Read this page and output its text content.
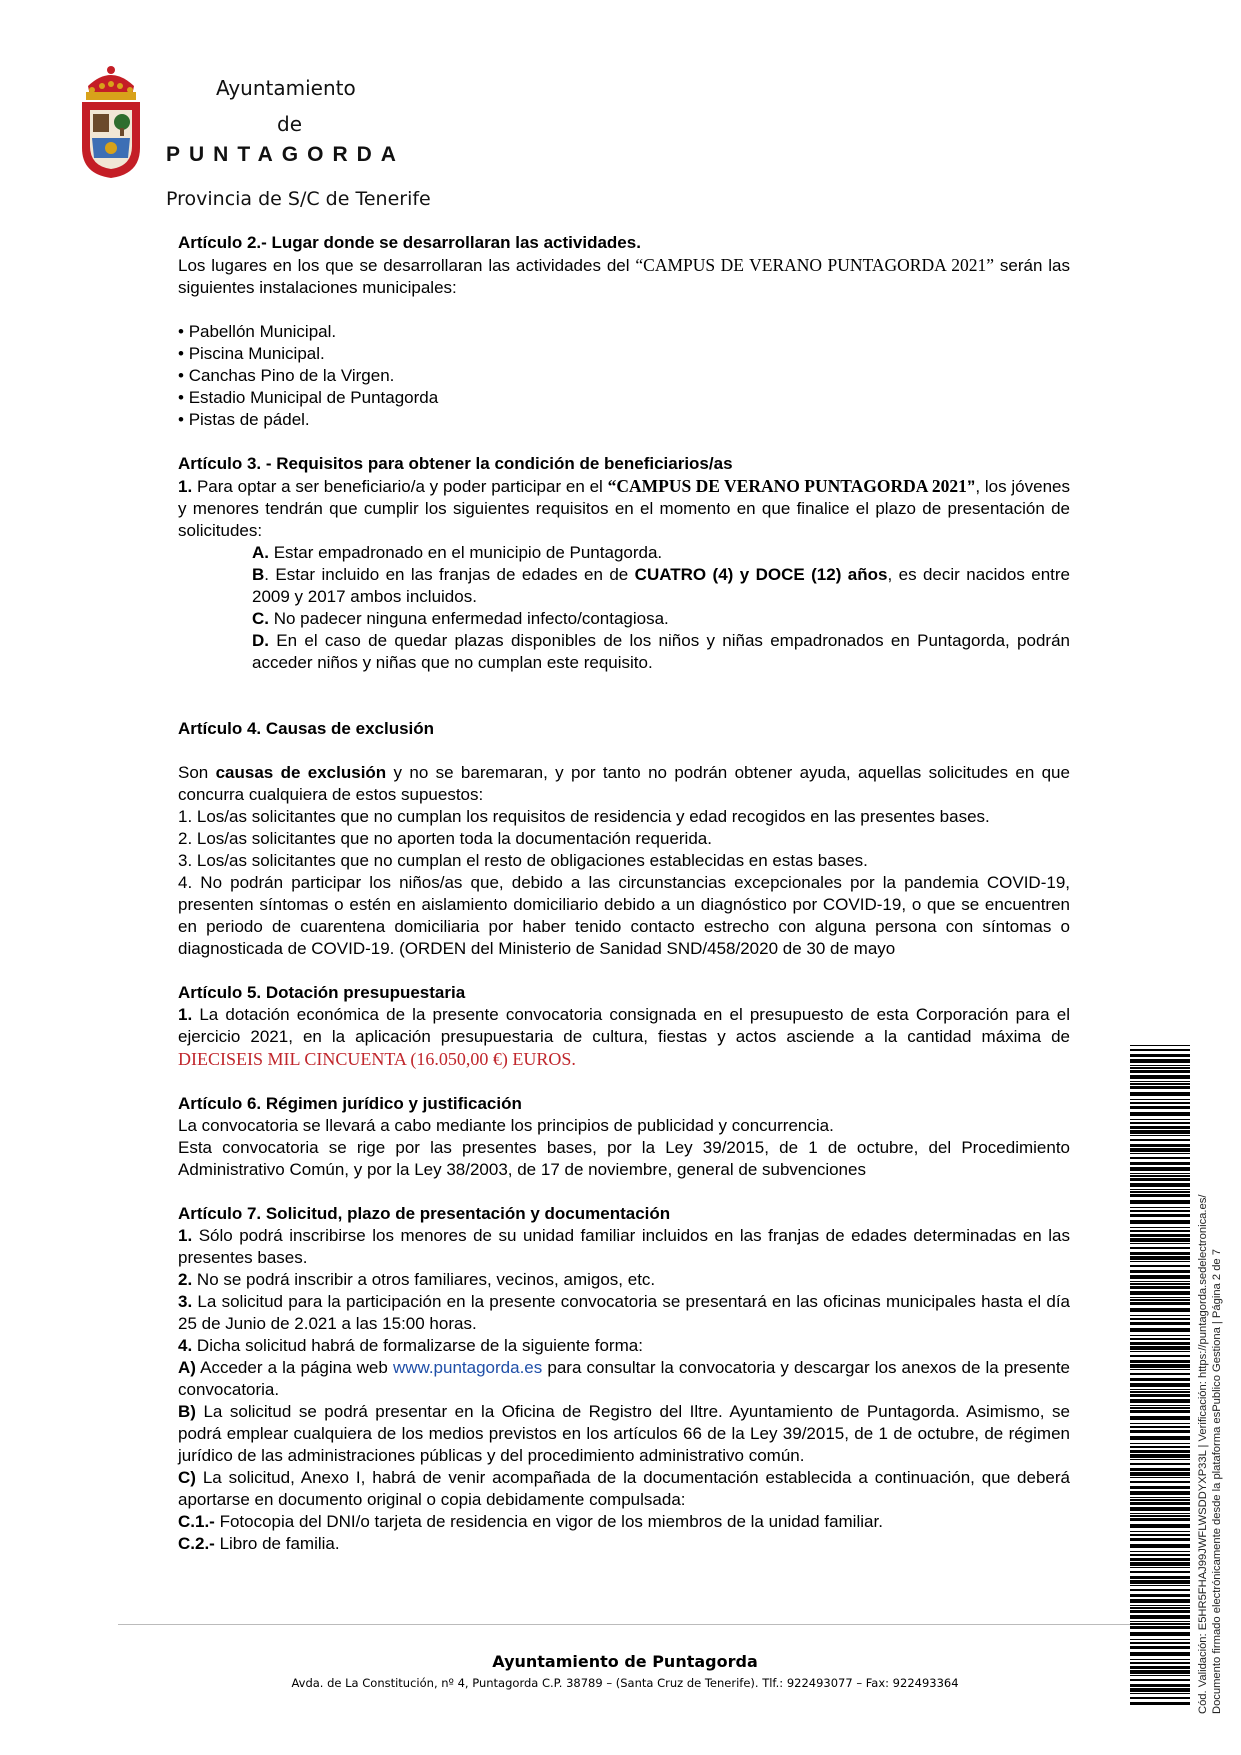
Ayuntamiento
de
PUNTAGORDA
Provincia de S/C de Tenerife

Artículo 2.- Lugar donde se desarrollaran las actividades.

Los lugares en los que se desarrollaran las actividades del “CAMPUS DE VERANO PUNTAGORDA 2021” serán las siguientes instalaciones municipales:

• Pabellón Municipal.
• Piscina Municipal.
• Canchas Pino de la Virgen.
• Estadio Municipal de Puntagorda
• Pistas de pádel.

Artículo 3. - Requisitos para obtener la condición de beneficiarios/as

1. Para optar a ser beneficiario/a y poder participar en el “CAMPUS DE VERANO PUNTAGORDA 2021”, los jóvenes y menores tendrán que cumplir los siguientes requisitos en el momento en que finalice el plazo de presentación de solicitudes:

A. Estar empadronado en el municipio de Puntagorda.

B. Estar incluido en las franjas de edades en de CUATRO (4) y DOCE (12) años, es decir nacidos entre 2009 y 2017 ambos incluidos.

C. No padecer ninguna enfermedad infecto/contagiosa.

D. En el caso de quedar plazas disponibles de los niños y niñas empadronados en Puntagorda, podrán acceder niños y niñas que no cumplan este requisito.

Artículo 4. Causas de exclusión

Son causas de exclusión y no se baremaran, y por tanto no podrán obtener ayuda, aquellas solicitudes en que concurra cualquiera de estos supuestos:

1. Los/as solicitantes que no cumplan los requisitos de residencia y edad recogidos en las presentes bases.

2. Los/as solicitantes que no aporten toda la documentación requerida.

3. Los/as solicitantes que no cumplan el resto de obligaciones establecidas en estas bases.

4. No podrán participar los niños/as que, debido a las circunstancias excepcionales por la pandemia COVID-19, presenten síntomas o estén en aislamiento domiciliario debido a un diagnóstico por COVID-19, o que se encuentren en periodo de cuarentena domiciliaria por haber tenido contacto estrecho con alguna persona con síntomas o diagnosticada de COVID-19. (ORDEN del Ministerio de Sanidad SND/458/2020 de 30 de mayo

Artículo 5. Dotación presupuestaria

1. La dotación económica de la presente convocatoria consignada en el presupuesto de esta Corporación para el ejercicio 2021, en la aplicación presupuestaria de cultura, fiestas y actos asciende a la cantidad máxima de DIECISEIS MIL CINCUENTA (16.050,00 €) EUROS.

Artículo 6. Régimen jurídico y justificación

La convocatoria se llevará a cabo mediante los principios de publicidad y concurrencia.

Esta convocatoria se rige por las presentes bases, por la Ley 39/2015, de 1 de octubre, del Procedimiento Administrativo Común, y por la Ley 38/2003, de 17 de noviembre, general de subvenciones

Artículo 7. Solicitud, plazo de presentación y documentación

1. Sólo podrá inscribirse los menores de su unidad familiar incluidos en las franjas de edades determinadas en las presentes bases.

2. No se podrá inscribir a otros familiares, vecinos, amigos, etc.

3. La solicitud para la participación en la presente convocatoria se presentará en las oficinas municipales hasta el día 25 de Junio de 2.021 a las 15:00 horas.

4. Dicha solicitud habrá de formalizarse de la siguiente forma:

A) Acceder a la página web www.puntagorda.es para consultar la convocatoria y descargar los anexos de la presente convocatoria.

B) La solicitud se podrá presentar en la Oficina de Registro del Iltre. Ayuntamiento de Puntagorda. Asimismo, se podrá emplear cualquiera de los medios previstos en los artículos 66 de la Ley 39/2015, de 1 de octubre, de régimen jurídico de las administraciones públicas y del procedimiento administrativo común.

C) La solicitud, Anexo I, habrá de venir acompañada de la documentación establecida a continuación, que deberá aportarse en documento original o copia debidamente compulsada:

C.1.- Fotocopia del DNI/o tarjeta de residencia en vigor de los miembros de la unidad familiar.

C.2.- Libro de familia.

Ayuntamiento de Puntagorda
Avda. de La Constitución, nº 4, Puntagorda C.P. 38789 – (Santa Cruz de Tenerife). Tlf.: 922493077 – Fax: 922493364	Cód. Validación: E5HR5FHAJ99JWFLWSDDYXP33L | Verificación: https://puntagorda.sedelectronica.es/ Documento firmado electrónicamente desde la plataforma esPublico Gestiona | Página 2 de 7
